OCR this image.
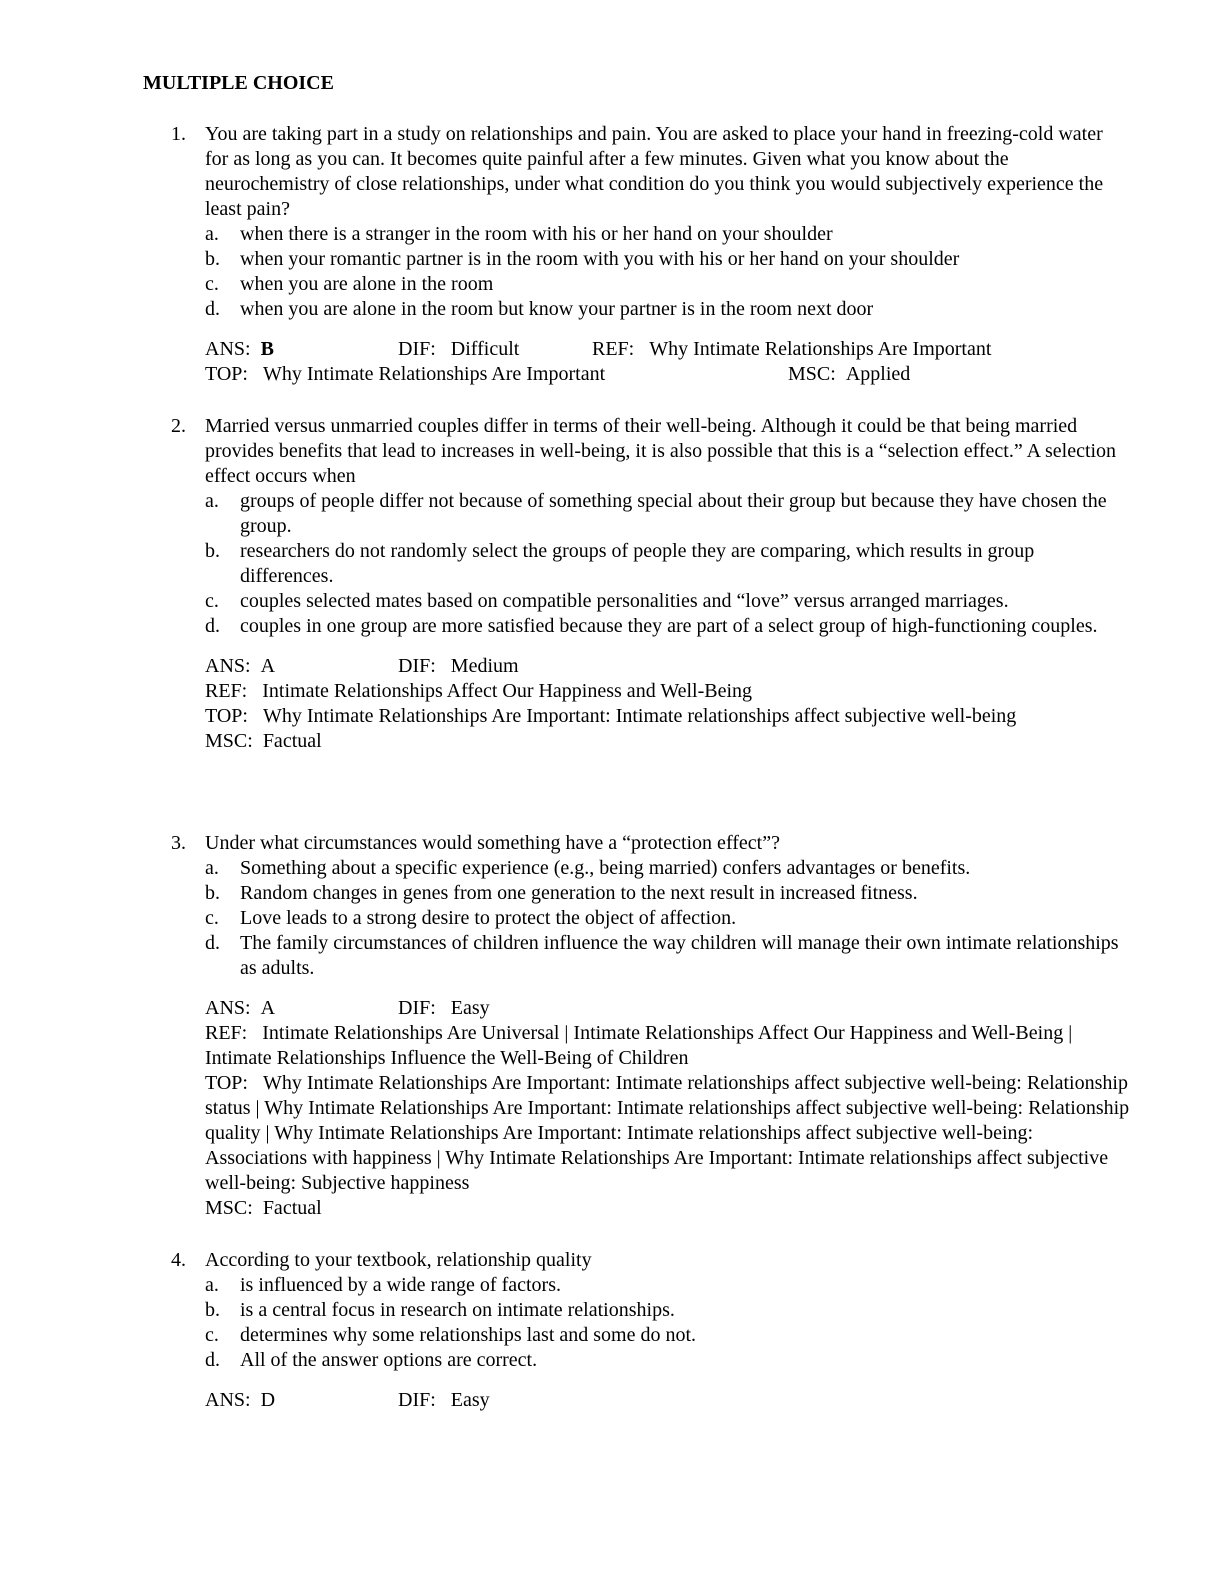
MULTIPLE CHOICE
1. You are taking part in a study on relationships and pain. You are asked to place your hand in freezing-cold water for as long as you can. It becomes quite painful after a few minutes. Given what you know about the neurochemistry of close relationships, under what condition do you think you would subjectively experience the least pain?
a. when there is a stranger in the room with his or her hand on your shoulder
b. when your romantic partner is in the room with you with his or her hand on your shoulder
c. when you are alone in the room
d. when you are alone in the room but know your partner is in the room next door
ANS: B	DIF: Difficult	REF: Why Intimate Relationships Are Important
TOP: Why Intimate Relationships Are Important	MSC: Applied
2. Married versus unmarried couples differ in terms of their well-being. Although it could be that being married provides benefits that lead to increases in well-being, it is also possible that this is a “selection effect.” A selection effect occurs when
a. groups of people differ not because of something special about their group but because they have chosen the group.
b. researchers do not randomly select the groups of people they are comparing, which results in group differences.
c. couples selected mates based on compatible personalities and “love” versus arranged marriages.
d. couples in one group are more satisfied because they are part of a select group of high-functioning couples.
ANS: A	DIF: Medium
REF: Intimate Relationships Affect Our Happiness and Well-Being
TOP: Why Intimate Relationships Are Important: Intimate relationships affect subjective well-being
MSC: Factual
3. Under what circumstances would something have a “protection effect”?
a. Something about a specific experience (e.g., being married) confers advantages or benefits.
b. Random changes in genes from one generation to the next result in increased fitness.
c. Love leads to a strong desire to protect the object of affection.
d. The family circumstances of children influence the way children will manage their own intimate relationships as adults.
ANS: A	DIF: Easy
REF: Intimate Relationships Are Universal | Intimate Relationships Affect Our Happiness and Well-Being | Intimate Relationships Influence the Well-Being of Children
TOP: Why Intimate Relationships Are Important: Intimate relationships affect subjective well-being: Relationship status | Why Intimate Relationships Are Important: Intimate relationships affect subjective well-being: Relationship quality | Why Intimate Relationships Are Important: Intimate relationships affect subjective well-being: Associations with happiness | Why Intimate Relationships Are Important: Intimate relationships affect subjective well-being: Subjective happiness
MSC: Factual
4. According to your textbook, relationship quality
a. is influenced by a wide range of factors.
b. is a central focus in research on intimate relationships.
c. determines why some relationships last and some do not.
d. All of the answer options are correct.
ANS: D	DIF: Easy
